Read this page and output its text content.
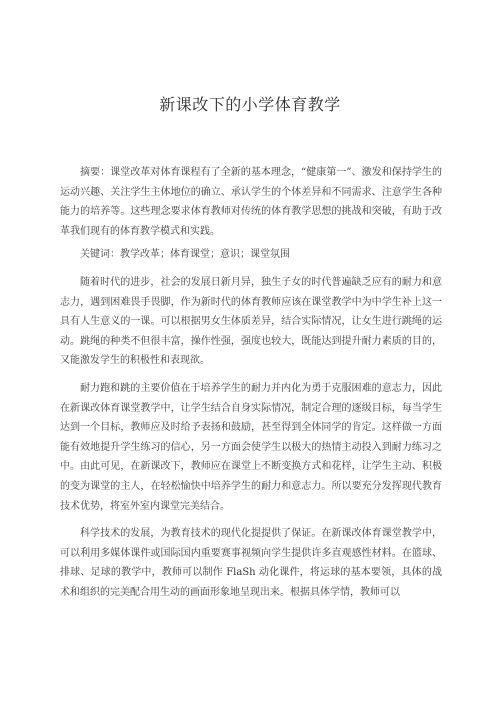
新课改下的小学体育教学

摘要：课堂改革对体育课程有了全新的基本理念，“健康第一”、激发和保持学生的运动兴趣、关注学生主体地位的确立、承认学生的个体差异和不同需求、注意学生各种能力的培养等。这些理念要求体育教师对传统的体育教学思想的挑战和突破，有助于改革我们现有的体育教学模式和实践。

关键词：教学改革；体育课堂；意识；课堂氛围

随着时代的进步，社会的发展日新月异，独生子女的时代普遍缺乏应有的耐力和意志力，遇到困难畏手畏脚，作为新时代的体育教师应该在课堂教学中为中学生补上这一具有人生意义的一课。可以根据男女生体质差异，结合实际情况，让女生进行跳绳的运动。跳绳的种类不但很丰富，操作性强，强度也较大，既能达到提升耐力素质的目的，又能激发学生的积极性和表现欲。

耐力跑和跳的主要价值在于培养学生的耐力并内化为勇于克服困难的意志力，因此在新课改体育课堂教学中，让学生结合自身实际情况，制定合理的逐级目标，每当学生达到一个目标，教师应及时给予表扬和鼓励，甚至得到全体同学的肯定。这样做一方面能有效地提升学生练习的信心，另一方面会使学生以极大的热情主动投入到耐力练习之中。由此可见，在新课改下，教师应在课堂上不断变换方式和花样，让学生主动、积极的变为课堂的主人，在轻松愉快中培养学生的耐力和意志力。所以要充分发挥现代教育技术优势，将室外室内课堂完美结合。

科学技术的发展，为教育技术的现代化提提供了保证。在新课改体育课堂教学中，可以利用多媒体课件或国际国内重要赛事视频向学生提供许多直观感性材料。在篮球、排球、足球的教学中，教师可以制作 FlaSh 动化课件，将运球的基本要领，具体的战术和组织的完美配合用生动的画面形象地呈现出来。根据具体学情，教师可以
